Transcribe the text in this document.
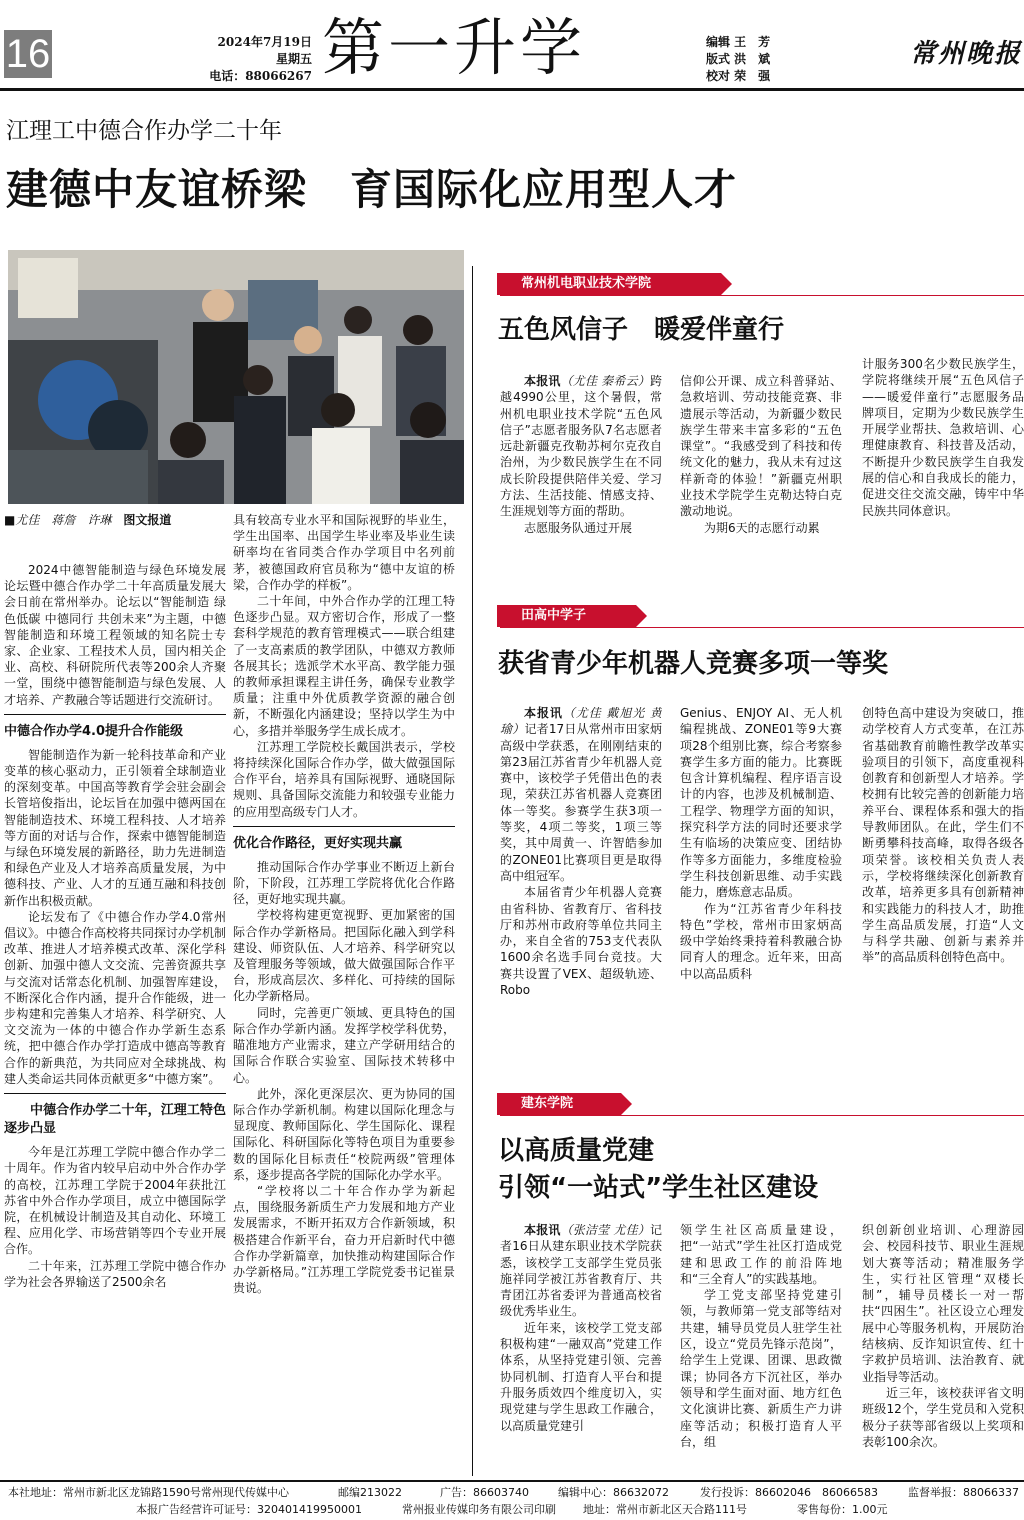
16	2024年7月19日
星期五
电话：88066267 第一升学	编辑 王　芳
版式 洪　斌
校对 荣　强
常州晚报
江理工中德合作办学二十年
建德中友谊桥梁　育国际化应用型人才
■尤佳　蒋詹　许琳　 图文报道

2024中德智能制造与绿色环境发展论坛暨中德合作办学二十年高质量发展大会日前在常州举办。论坛以“智能制造 绿色低碳 中德同行 共创未来”为主题，中德智能制造和环境工程领域的知名院士专家、企业家、工程技术人员，国内相关企业、高校、科研院所代表等200余人齐聚一堂，围绕中德智能制造与绿色发展、人才培养、产教融合等话题进行交流研讨。

中德合作办学4.0提升合作能级

智能制造作为新一轮科技革命和产业变革的核心驱动力，正引领着全球制造业的深刻变革。中国高等教育学会驻会副会长管培俊指出，论坛旨在加强中德两国在智能制造技术、环境工程科技、人才培养等方面的对话与合作，探索中德智能制造与绿色环境发展的新路径，助力先进制造和绿色产业及人才培养高质量发展，为中德科技、产业、人才的互通互融和科技创新作出积极贡献。

论坛发布了《中德合作办学4.0常州倡议》。中德合作高校将共同探讨办学机制改革、推进人才培养模式改革、深化学科创新、加强中德人文交流、完善资源共享与交流对话常态化机制、加强智库建设，不断深化合作内涵，提升合作能级，进一步构建和完善集人才培养、科学研究、人文交流为一体的中德合作办学新生态系统，把中德合作办学打造成中德高等教育合作的新典范，为共同应对全球挑战、构建人类命运共同体贡献更多“中德方案”。

中德合作办学二十年，江理工特色逐步凸显

今年是江苏理工学院中德合作办学二十周年。作为省内较早启动中外合作办学的高校，江苏理工学院于2004年获批江苏省中外合作办学项目，成立中德国际学院，在机械设计制造及其自动化、环境工程、应用化学、市场营销等四个专业开展合作。

二十年来，江苏理工学院中德合作办学为社会各界输送了2500余名

具有较高专业水平和国际视野的毕业生，学生出国率、出国学生毕业率及毕业生读研率均在省同类合作办学项目中名列前茅，被德国政府官员称为“德中友谊的桥梁，合作办学的样板”。

二十年间，中外合作办学的江理工特色逐步凸显。双方密切合作，形成了一整套科学规范的教育管理模式——联合组建了一支高素质的教学团队，中德双方教师各展其长；选派学术水平高、教学能力强的教师承担课程主讲任务，确保专业教学质量；注重中外优质教学资源的融合创新，不断强化内涵建设；坚持以学生为中心，多措并举服务学生成长成才。

江苏理工学院校长戴国洪表示，学校将持续深化国际合作办学，做大做强国际合作平台，培养具有国际视野、通晓国际规则、具备国际交流能力和较强专业能力的应用型高级专门人才。

优化合作路径，更好实现共赢

推动国际合作办学事业不断迈上新台阶，下阶段，江苏理工学院将优化合作路径，更好地实现共赢。

学校将构建更宽视野、更加紧密的国际合作办学新格局。把国际化融入到学科建设、师资队伍、人才培养、科学研究以及管理服务等领域，做大做强国际合作平台，形成高层次、多样化、可持续的国际化办学新格局。

同时，完善更广领域、更具特色的国际合作办学新内涵。发挥学校学科优势，瞄准地方产业需求，建立产学研用结合的国际合作联合实验室、国际技术转移中心。

此外，深化更深层次、更为协同的国际合作办学新机制。构建以国际化理念与显现度、教师国际化、学生国际化、课程国际化、科研国际化等特色项目为重要参数的国际化目标责任“校院两级”管理体系，逐步提高各学院的国际化办学水平。

“学校将以二十年合作办学为新起点，围绕服务新质生产力发展和地方产业发展需求，不断开拓双方合作新领域，积极搭建合作新平台，奋力开启新时代中德合作办学新篇章，加快推动构建国际合作办学新格局。”江苏理工学院党委书记崔景贵说。

常州机电职业技术学院
五色风信子　暖爱伴童行

本报讯（尤佳 秦希云）跨越4990公里，这个暑假，常州机电职业技术学院“五色风信子”志愿者服务队7名志愿者远赴新疆克孜勒苏柯尔克孜自治州，为少数民族学生在不同成长阶段提供陪伴关爱、学习方法、生活技能、情感支持、生涯规划等方面的帮助。

志愿服务队通过开展

信仰公开课、成立科普驿站、急救培训、劳动技能竞赛、非遗展示等活动，为新疆少数民族学生带来丰富多彩的“五色课堂”。“我感受到了科技和传统文化的魅力，我从未有过这样新奇的体验！”新疆克州职业技术学院学生克勒达特白克激动地说。

为期6天的志愿行动累

计服务300名少数民族学生，学院将继续开展“五色风信子——暖爱伴童行”志愿服务品牌项目，定期为少数民族学生开展学业帮扶、急救培训、心理健康教育、科技普及活动，不断提升少数民族学生自我发展的信心和自我成长的能力，促进交往交流交融，铸牢中华民族共同体意识。

田高中学子
获省青少年机器人竞赛多项一等奖

本报讯（尤佳 戴旭光 黄瑜）记者17日从常州市田家炳高级中学获悉，在刚刚结束的第23届江苏省青少年机器人竞赛中，该校学子凭借出色的表现，荣获江苏省机器人竞赛团体一等奖。参赛学生获3项一等奖，4项二等奖，1项三等奖，其中周黄一、许智皓参加的ZONE01比赛项目更是取得高中组冠军。

本届省青少年机器人竞赛由省科协、省教育厅、省科技厅和苏州市政府等单位共同主办，来自全省的753支代表队1600余名选手同台竞技。大赛共设置了VEX、超级轨迹、Robo

Genius、ENJOY AI、无人机编程挑战、ZONE01等9大赛项28个组别比赛，综合考察参赛学生多方面的能力。比赛既包含计算机编程、程序语言设计的内容，也涉及机械制造、工程学、物理学方面的知识，探究科学方法的同时还要求学生有临场的决策应变、团结协作等多方面能力，多维度检验学生科技创新思维、动手实践能力，磨炼意志品质。

作为“江苏省青少年科技特色”学校，常州市田家炳高级中学始终秉持着科教融合协同育人的理念。近年来，田高中以高品质科

创特色高中建设为突破口，推动学校育人方式变革，在江苏省基础教育前瞻性教学改革实验项目的引领下，高度重视科创教育和创新型人才培养。学校拥有比较完善的创新能力培养平台、课程体系和强大的指导教师团队。在此，学生们不断勇攀科技高峰，取得各级各项荣誉。该校相关负责人表示，学校将继续深化创新教育改革，培养更多具有创新精神和实践能力的科技人才，助推学生高品质发展，打造“人文与科学共融、创新与素养并举”的高品质科创特色高中。

建东学院
以高质量党建
引领“一站式”学生社区建设

本报讯（张洁莹 尤佳）记者16日从建东职业技术学院获悉，该校学工支部学生党员张施祥同学被江苏省教育厅、共青团江苏省委评为普通高校省级优秀毕业生。

近年来，该校学工党支部积极构建“一融双高”党建工作体系，从坚持党建引领、完善协同机制、打造育人平台和提升服务质效四个维度切入，实现党建与学生思政工作融合，以高质量党建引

领学生社区高质量建设，把“一站式”学生社区打造成党建和思政工作的前沿阵地和“三全育人”的实践基地。

学工党支部坚持党建引领，与教师第一党支部等结对共建，辅导员党员人驻学生社区，设立“党员先锋示范岗”，给学生上党课、团课、思政微课；协同各方下沉社区，举办领导和学生面对面、地方红色文化演讲比赛、新质生产力讲座等活动；积极打造育人平台，组

织创新创业培训、心理游园会、校园科技节、职业生涯规划大赛等活动；精准服务学生，实行社区管理“双楼长制”，辅导员楼长一对一帮扶“四困生”。社区设立心理发展中心等服务机构，开展防治结核病、反诈知识宣传、红十字救护员培训、法治教育、就业指导等活动。

近三年，该校获评省文明班级12个，学生党员和入党积极分子获等部省级以上奖项和表彰100余次。

本社地址：常州市新北区龙锦路1590号常州现代传媒中心	邮编213022	广告：86603740	编辑中心：86632072	发行投诉：86602046　86066583	监督举报：88066337
本报广告经营许可证号：320401419950001	常州报业传媒印务有限公司印刷 地址：常州市新北区天合路111号	零售每份：1.00元
